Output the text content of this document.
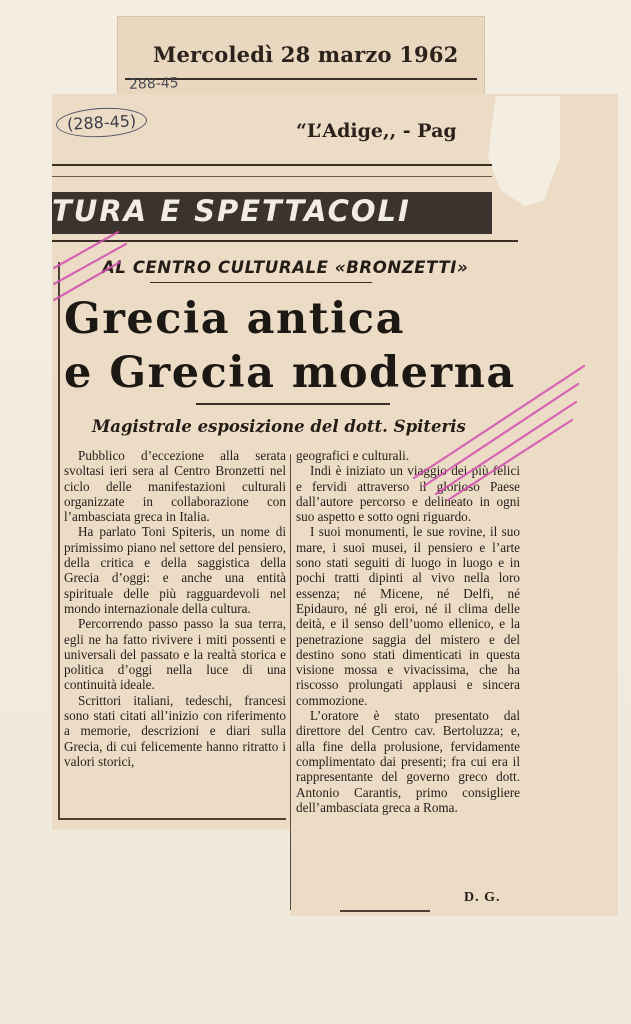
Mercoledì 28 marzo 1962
288-45
(288-45)	“L’Adige,, - Pag
TURA E SPETTACOLI
AL CENTRO CULTURALE «BRONZETTI»
Grecia antica
e Grecia moderna
Magistrale esposizione del dott. Spiteris

Pubblico d’eccezione alla serata svoltasi ieri sera al Centro Bronzetti nel ciclo delle manifestazioni culturali organizzate in collaborazione con l’ambasciata greca in Italia.

Ha parlato Toni Spiteris, un nome di primissimo piano nel settore del pensiero, della critica e della saggistica della Grecia d’oggi: e anche una entità spirituale delle più ragguardevoli nel mondo internazionale della cultura.

Percorrendo passo passo la sua terra, egli ne ha fatto rivivere i miti possenti e universali del passato e la realtà storica e politica d’oggi nella luce di una continuità ideale.

Scrittori italiani, tedeschi, francesi sono stati citati all’inizio con riferimento a memorie, descrizioni e diari sulla Grecia, di cui felicemente hanno ritratto i valori storici,

geografici e culturali.

Indi è iniziato un viaggio dei più felici e fervidi attraverso il glorioso Paese dall’autore percorso e delineato in ogni suo aspetto e sotto ogni riguardo.

I suoi monumenti, le sue rovine, il suo mare, i suoi musei, il pensiero e l’arte sono stati seguiti di luogo in luogo e in pochi tratti dipinti al vivo nella loro essenza; né Micene, né Delfi, né Epidauro, né gli eroi, né il clima delle deità, e il senso dell’uomo ellenico, e la penetrazione saggia del mistero e del destino sono stati dimenticati in questa visione mossa e vivacissima, che ha riscosso prolungati applausi e sincera commozione.

L’oratore è stato presentato dal direttore del Centro cav. Bertoluzza; e, alla fine della prolusione, fervidamente complimentato dai presenti; fra cui era il rappresentante del governo greco dott. Antonio Carantis, primo consigliere dell’ambasciata greca a Roma.

D. G.
